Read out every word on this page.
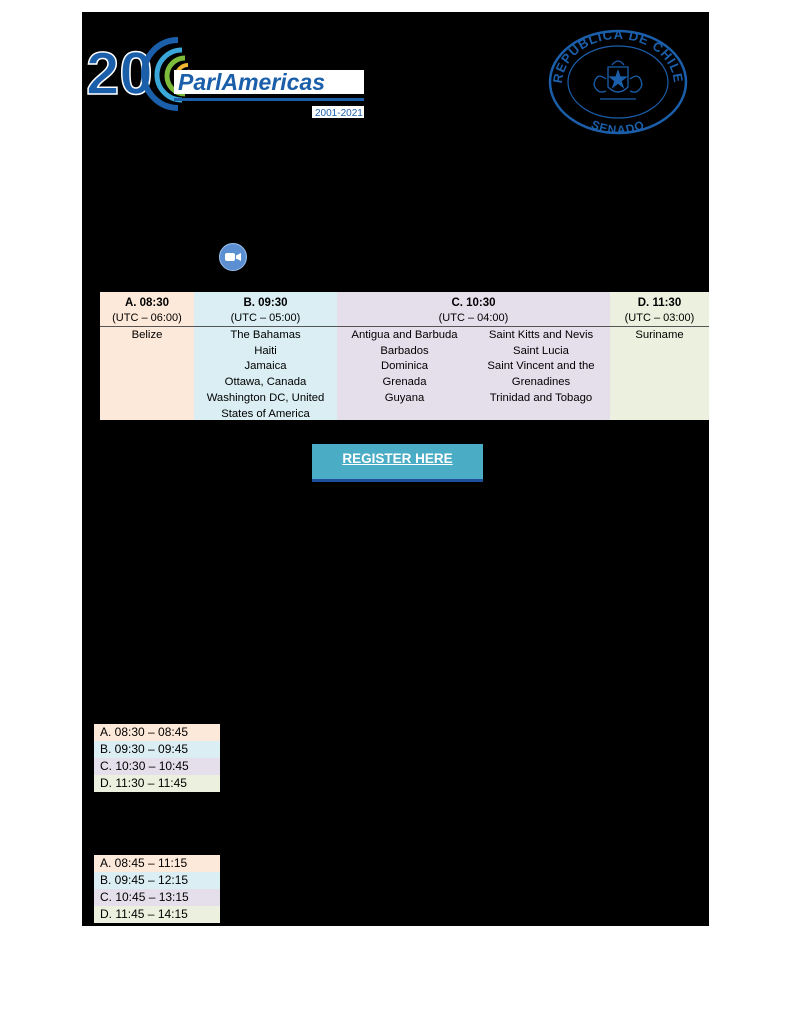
20 ParlAmericas
2001-2021
REPUBLICA DE CHILE
SENADO
A. 08:30
(UTC – 06:00)
Belize
B. 09:30
(UTC – 05:00)
The Bahamas
Haiti
Jamaica
Ottawa, Canada
Washington DC, United
States of America
C. 10:30
(UTC – 04:00)
Antigua and Barbuda
Barbados
Dominica
Grenada
Guyana
Saint Kitts and Nevis
Saint Lucia
Saint Vincent and the
Grenadines
Trinidad and Tobago
D. 11:30
(UTC – 03:00)
Suriname
REGISTER HERE
A. 08:30 – 08:45
B. 09:30 – 09:45
C. 10:30 – 10:45
D. 11:30 – 11:45
A. 08:45 – 11:15
B. 09:45 – 12:15
C. 10:45 – 13:15
D. 11:45 – 14:15
